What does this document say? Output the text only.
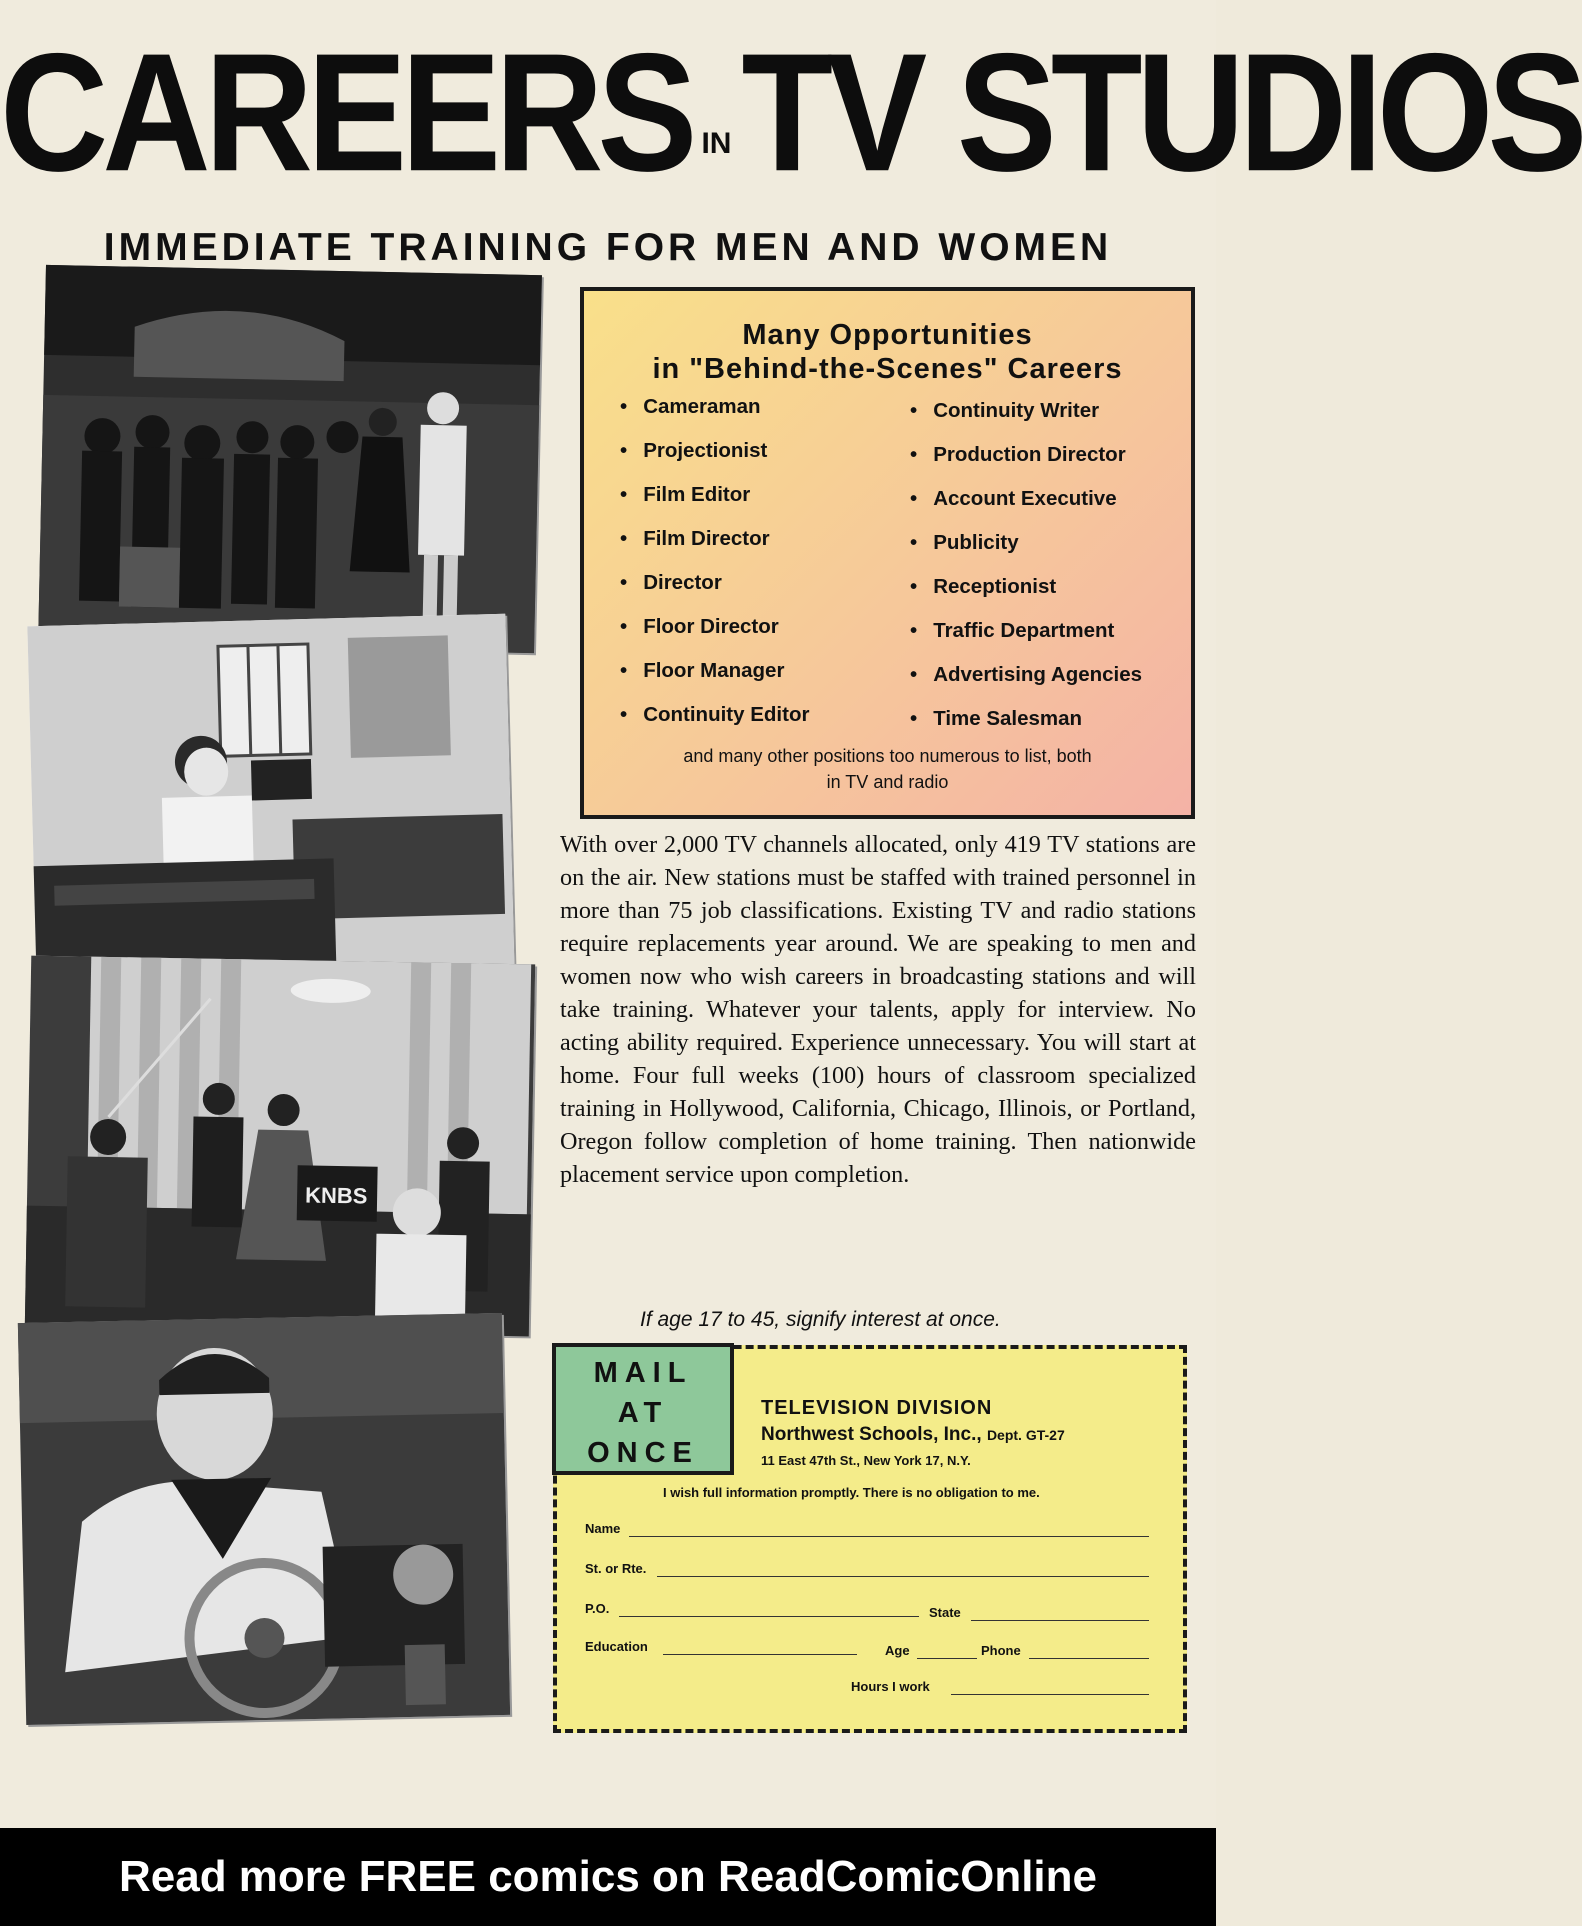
CAREERS INTV STUDIOS
IMMEDIATE TRAINING FOR MEN AND WOMEN
KNBS
Many Opportunities
in "Behind-the-Scenes" Careers
• Cameraman
• Projectionist
• Film Editor
• Film Director
• Director
• Floor Director
• Floor Manager
• Continuity Editor
• Continuity Writer
• Production Director
• Account Executive
• Publicity
• Receptionist
• Traffic Department
• Advertising Agencies
• Time Salesman
and many other positions too numerous to list, both
in TV and radio
With over 2,000 TV channels allocated, only 419 TV stations are on the air. New stations must be staffed with trained personnel in more than 75 job classifications. Existing TV and radio stations require replacements year around. We are speaking to men and women now who wish careers in broadcasting stations and will take training. Whatever your talents, apply for interview. No acting ability required. Experience unnecessary. You will start at home. Four full weeks (100) hours of classroom specialized training in Hollywood, California, Chicago, Illinois, or Portland, Oregon follow completion of home training. Then nationwide placement service upon completion.
If age 17 to 45, signify interest at once.
TELEVISION DIVISION
Northwest Schools, Inc., Dept. GT-27
11 East 47th St., New York 17, N.Y.
I wish full information promptly. There is no obligation to me.
Name
St. or Rte.
P.O.	State
Education	Age	Phone
Hours I work
MAIL
AT
ONCE
Read more FREE comics on ReadComicOnline
